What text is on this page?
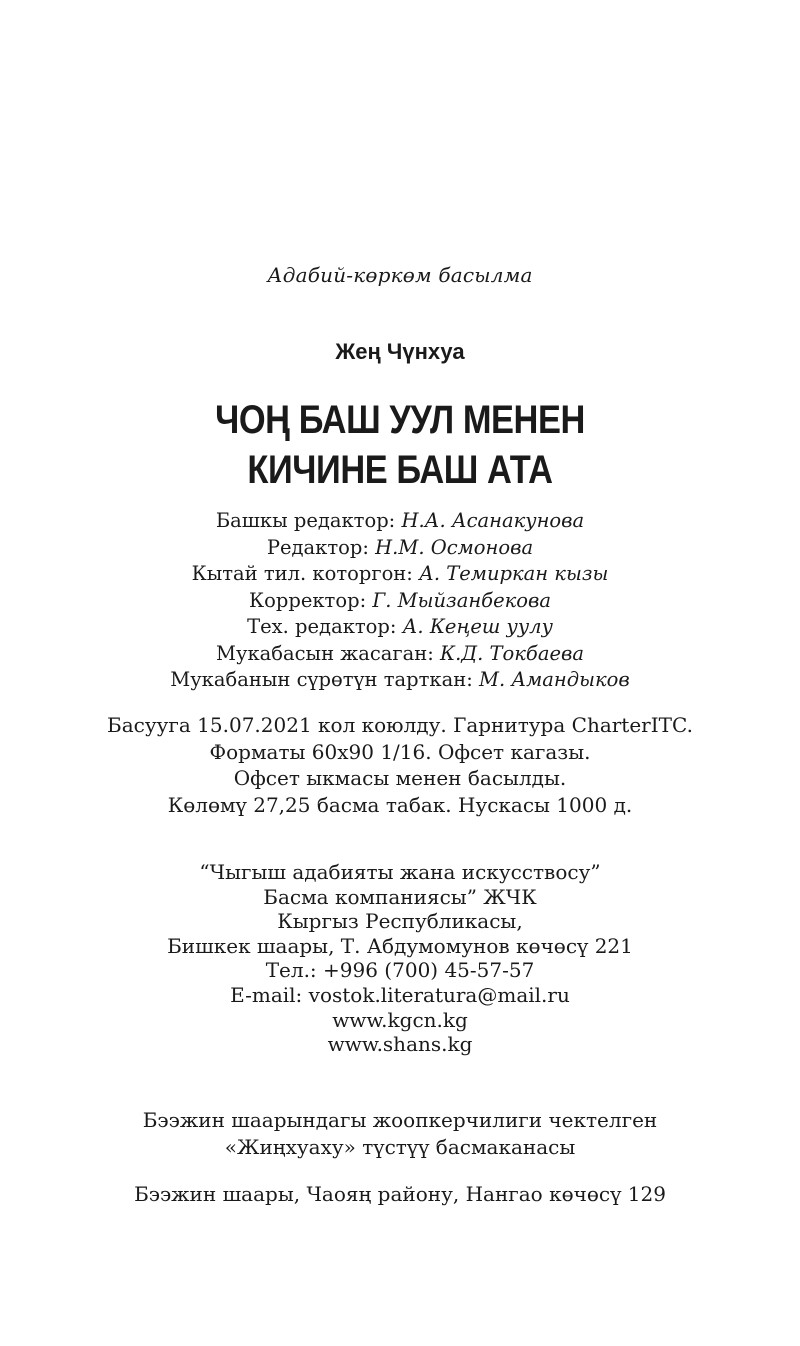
Адабий-көркөм басылма
Жең Чүнхуа
ЧОҢ БАШ УУЛ МЕНЕН
КИЧИНЕ БАШ АТА
Башкы редактор: Н.А. Асанакунова
Редактор: Н.М. Осмонова
Кытай тил. которгон: А. Темиркан кызы
Корректор: Г. Мыйзанбекова
Тех. редактор: А. Кеңеш уулу
Мукабасын жасаган: К.Д. Токбаева
Мукабанын сүрөтүн тарткан: М. Амандыков
Басууга 15.07.2021 кол коюлду. Гарнитура CharterITC.
Форматы 60х90 1/16. Офсет кагазы.
Офсет ыкмасы менен басылды.
Көлөмү 27,25 басма табак. Нускасы 1000 д.
“Чыгыш адабияты жана искусствосу”
Басма компаниясы” ЖЧК
Кыргыз Республикасы,
Бишкек шаары, Т. Абдумомунов көчөсү 221
Тел.: +996 (700) 45-57-57
E-mail: vostok.literatura@mail.ru
www.kgcn.kg
www.shans.kg
Бээжин шаарындагы жоопкерчилиги чектелген
«Жиңхуаху» түстүү басмаканасы
Бээжин шаары, Чаояң району, Нангао көчөсү 129
